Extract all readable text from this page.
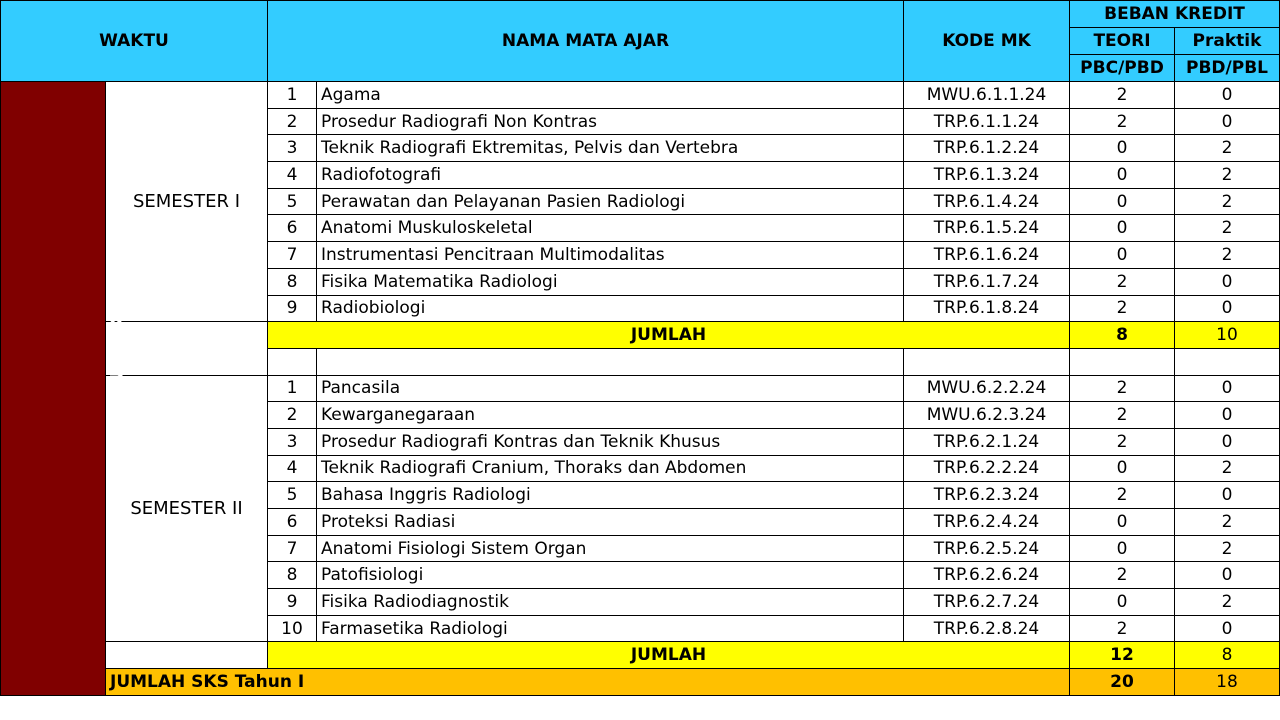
WAKTU		NAMA MATA AJAR		KODE MK	BEBAN KREDIT	
					TEORI	Praktik
					PBC/PBD	PBD/PBL
TAHAPAN PENDIDIKAN 1	SEMESTER I	1	Agama	MWU.6.1.1.24	2	0
		2	Prosedur Radiografi Non Kontras	TRP.6.1.1.24	2	0
		3	Teknik Radiografi Ektremitas, Pelvis dan Vertebra	TRP.6.1.2.24	0	2
		4	Radiofotografi	TRP.6.1.3.24	0	2
		5	Perawatan dan Pelayanan Pasien Radiologi	TRP.6.1.4.24	0	2
		6	Anatomi Muskuloskeletal	TRP.6.1.5.24	0	2
		7	Instrumentasi Pencitraan Multimodalitas	TRP.6.1.6.24	0	2
		8	Fisika Matematika Radiologi	TRP.6.1.7.24	2	0
		9	Radiobiologi	TRP.6.1.8.24	2	0
		JUMLAH			8	10

	SEMESTER II	1	Pancasila	MWU.6.2.2.24	2	0
		2	Kewarganegaraan	MWU.6.2.3.24	2	0
		3	Prosedur Radiografi Kontras dan Teknik Khusus	TRP.6.2.1.24	2	0
		4	Teknik Radiografi Cranium, Thoraks dan Abdomen	TRP.6.2.2.24	0	2
		5	Bahasa Inggris Radiologi	TRP.6.2.3.24	2	0
		6	Proteksi Radiasi	TRP.6.2.4.24	0	2
		7	Anatomi Fisiologi Sistem Organ	TRP.6.2.5.24	0	2
		8	Patofisiologi	TRP.6.2.6.24	2	0
		9	Fisika Radiodiagnostik	TRP.6.2.7.24	0	2
		10	Farmasetika Radiologi	TRP.6.2.8.24	2	0
		JUMLAH			12	8
	JUMLAH SKS Tahun I				20	18
